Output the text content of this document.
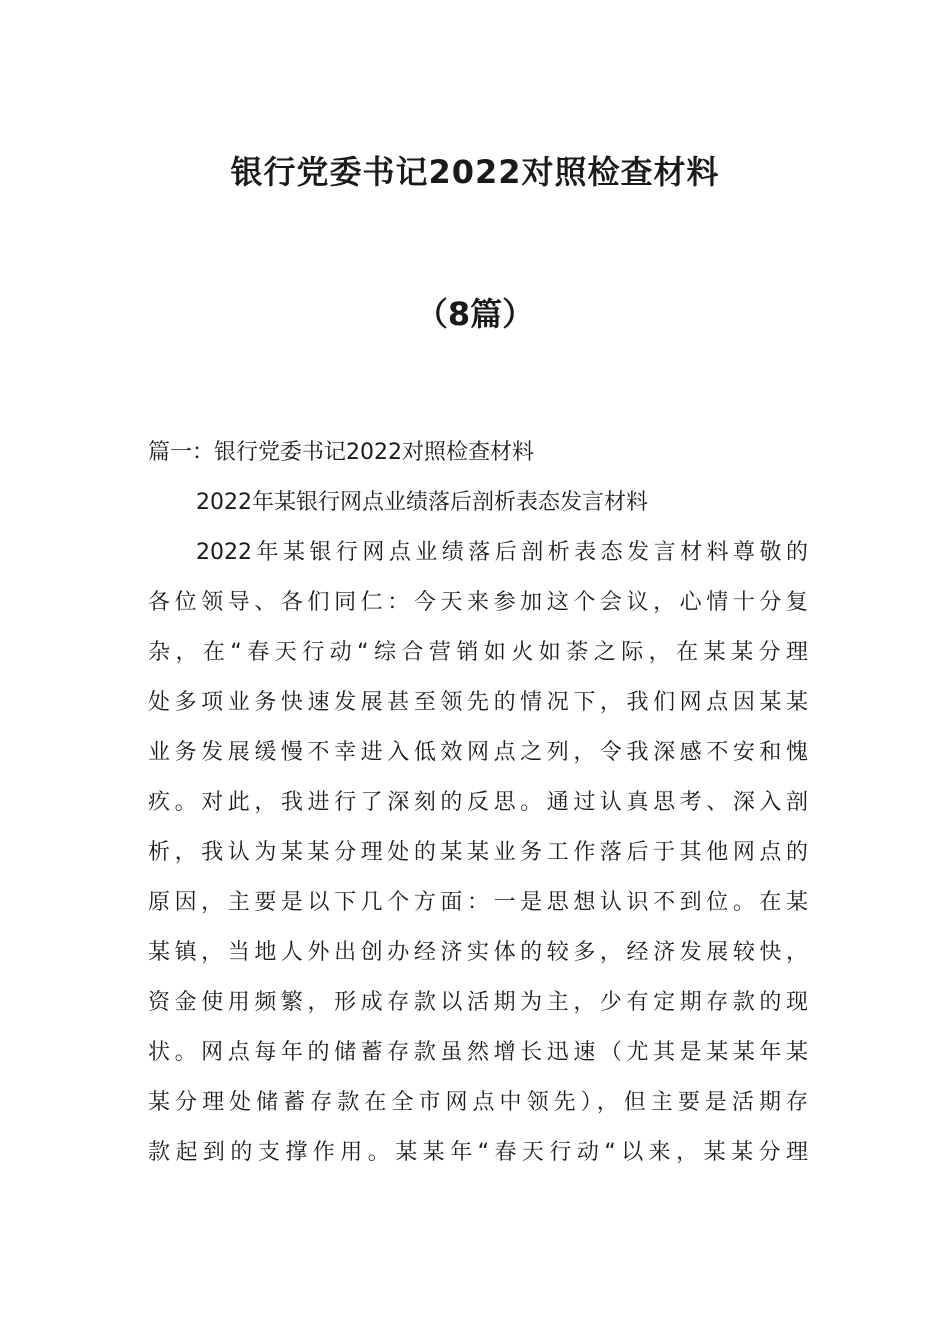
银行党委书记2022对照检查材料
（8篇）

篇一：银行党委书记2022对照检查材料

2022年某银行网点业绩落后剖析表态发言材料

2022年某银行网点业绩落后剖析表态发言材料尊敬的
各位领导、各们同仁：今天来参加这个会议，心情十分复
杂，在“春天行动“综合营销如火如荼之际，在某某分理
处多项业务快速发展甚至领先的情况下，我们网点因某某
业务发展缓慢不幸进入低效网点之列，令我深感不安和愧
疚。对此，我进行了深刻的反思。通过认真思考、深入剖
析，我认为某某分理处的某某业务工作落后于其他网点的
原因，主要是以下几个方面：一是思想认识不到位。在某
某镇，当地人外出创办经济实体的较多，经济发展较快，
资金使用频繁，形成存款以活期为主，少有定期存款的现
状。网点每年的储蓄存款虽然增长迅速（尤其是某某年某
某分理处储蓄存款在全市网点中领先），但主要是活期存
款起到的支撑作用。某某年“春天行动“以来，某某分理
